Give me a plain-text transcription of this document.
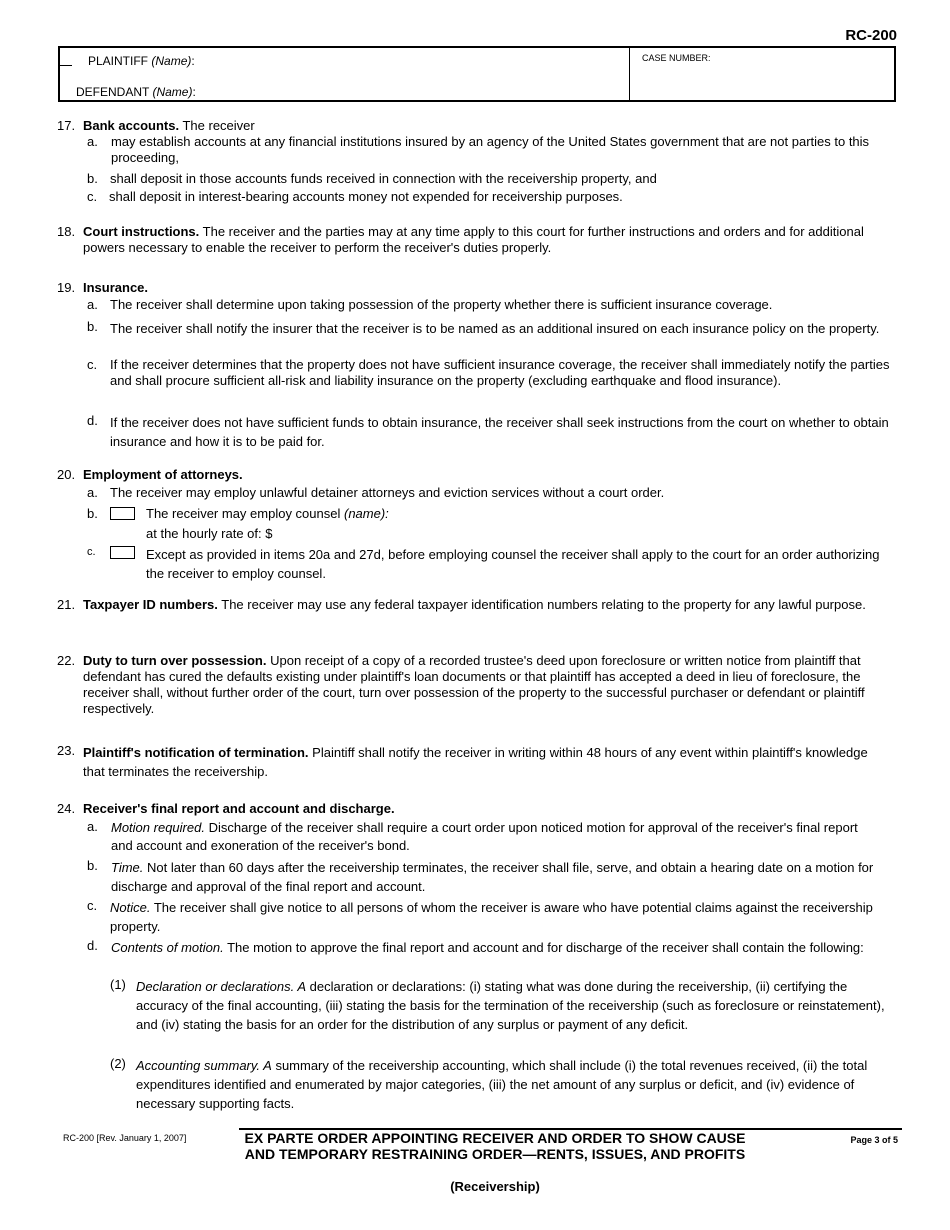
RC-200
PLAINTIFF (Name):
DEFENDANT (Name):
CASE NUMBER:
17. Bank accounts. The receiver
a. may establish accounts at any financial institutions insured by an agency of the United States government that are not parties to this proceeding,
b. shall deposit in those accounts funds received in connection with the receivership property, and
c. shall deposit in interest-bearing accounts money not expended for receivership purposes.
18. Court instructions. The receiver and the parties may at any time apply to this court for further instructions and orders and for additional powers necessary to enable the receiver to perform the receiver's duties properly.
19. Insurance.
a. The receiver shall determine upon taking possession of the property whether there is sufficient insurance coverage.
b. The receiver shall notify the insurer that the receiver is to be named as an additional insured on each insurance policy on the property.
c. If the receiver determines that the property does not have sufficient insurance coverage, the receiver shall immediately notify the parties and shall procure sufficient all-risk and liability insurance on the property (excluding earthquake and flood insurance).
d. If the receiver does not have sufficient funds to obtain insurance, the receiver shall seek instructions from the court on whether to obtain insurance and how it is to be paid for.
20. Employment of attorneys.
a. The receiver may employ unlawful detainer attorneys and eviction services without a court order.
b.	The receiver may employ counsel (name):
at the hourly rate of: $
c.	Except as provided in items 20a and 27d, before employing counsel the receiver shall apply to the court for an order authorizing the receiver to employ counsel.
21. Taxpayer ID numbers. The receiver may use any federal taxpayer identification numbers relating to the property for any lawful purpose.
22. Duty to turn over possession. Upon receipt of a copy of a recorded trustee's deed upon foreclosure or written notice from plaintiff that defendant has cured the defaults existing under plaintiff's loan documents or that plaintiff has accepted a deed in lieu of foreclosure, the receiver shall, without further order of the court, turn over possession of the property to the successful purchaser or defendant or plaintiff respectively.
23. Plaintiff's notification of termination. Plaintiff shall notify the receiver in writing within 48 hours of any event within plaintiff's knowledge that terminates the receivership.
24. Receiver's final report and account and discharge.
a. Motion required. Discharge of the receiver shall require a court order upon noticed motion for approval of the receiver's final report and account and exoneration of the receiver's bond.
b. Time. Not later than 60 days after the receivership terminates, the receiver shall file, serve, and obtain a hearing date on a motion for discharge and approval of the final report and account.
c. Notice. The receiver shall give notice to all persons of whom the receiver is aware who have potential claims against the receivership property.
d. Contents of motion. The motion to approve the final report and account and for discharge of the receiver shall contain the following:
(1) Declaration or declarations. A declaration or declarations: (i) stating what was done during the receivership, (ii) certifying the accuracy of the final accounting, (iii) stating the basis for the termination of the receivership (such as foreclosure or reinstatement), and (iv) stating the basis for an order for the distribution of any surplus or payment of any deficit.
(2) Accounting summary. A summary of the receivership accounting, which shall include (i) the total revenues received, (ii) the total expenditures identified and enumerated by major categories, (iii) the net amount of any surplus or deficit, and (iv) evidence of necessary supporting facts.
RC-200 [Rev. January 1, 2007]	EX PARTE ORDER APPOINTING RECEIVER AND ORDER TO SHOW CAUSE AND TEMPORARY RESTRAINING ORDER—RENTS, ISSUES, AND PROFITS
(Receivership)
Page 3 of 5
